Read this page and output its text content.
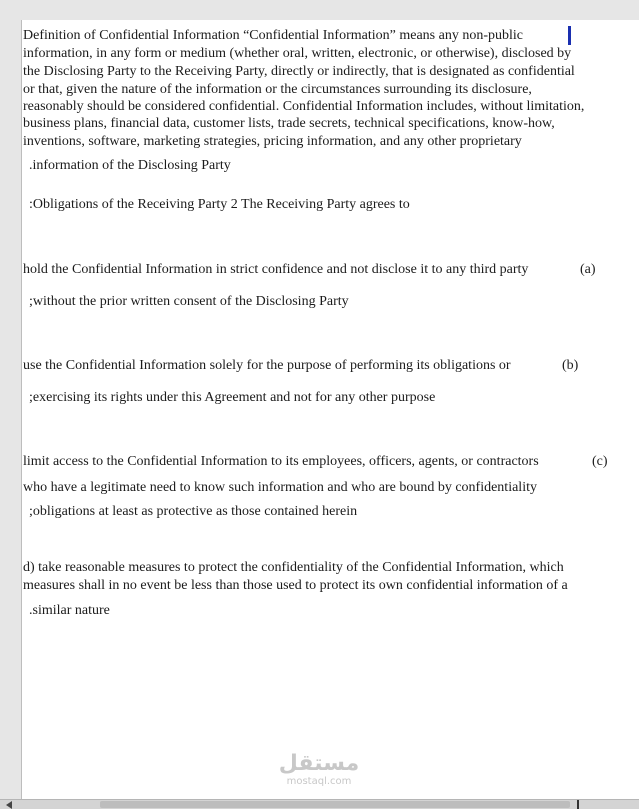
Definition of Confidential Information “Confidential Information” means any non-public
information, in any form or medium (whether oral, written, electronic, or otherwise), disclosed by
the Disclosing Party to the Receiving Party, directly or indirectly, that is designated as confidential
or that, given the nature of the information or the circumstances surrounding its disclosure,
reasonably should be considered confidential. Confidential Information includes, without limitation,
business plans, financial data, customer lists, trade secrets, technical specifications, know-how,
inventions, software, marketing strategies, pricing information, and any other proprietary
.information of the Disclosing Party
:Obligations of the Receiving Party 2 The Receiving Party agrees to
hold the Confidential Information in strict confidence and not disclose it to any third party	(a)
;without the prior written consent of the Disclosing Party
use the Confidential Information solely for the purpose of performing its obligations or	(b)
;exercising its rights under this Agreement and not for any other purpose
limit access to the Confidential Information to its employees, officers, agents, or contractors	(c)
who have a legitimate need to know such information and who are bound by confidentiality
;obligations at least as protective as those contained herein
d) take reasonable measures to protect the confidentiality of the Confidential Information, which
measures shall in no event be less than those used to protect its own confidential information of a
.similar nature
مستقل
mostaql.com
